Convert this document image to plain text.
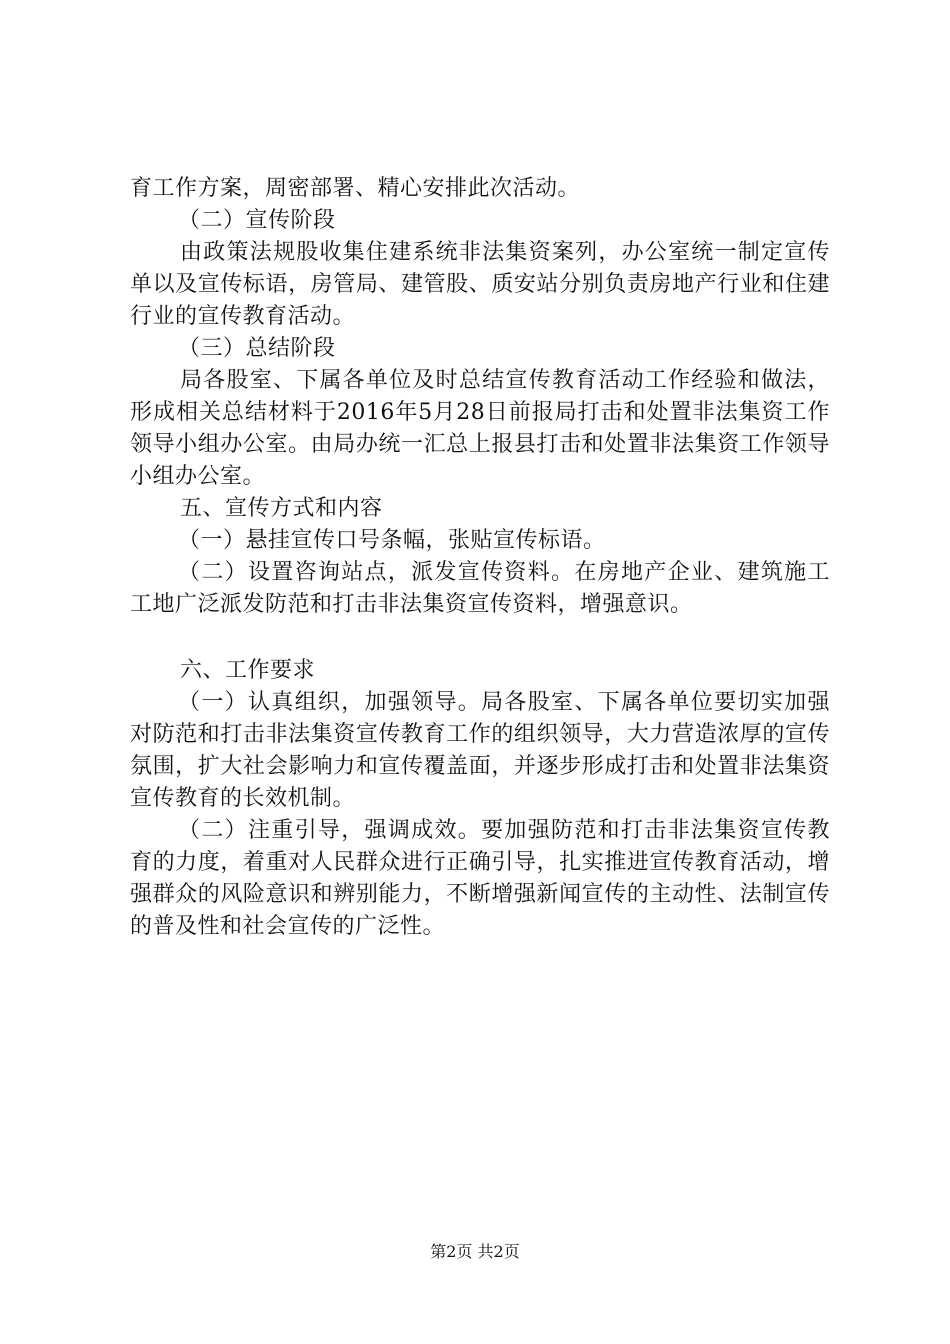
育工作方案，周密部署、精心安排此次活动。

（二）宣传阶段

由政策法规股收集住建系统非法集资案列，办公室统一制定宣传单以及宣传标语，房管局、建管股、质安站分别负责房地产行业和住建行业的宣传教育活动。

（三）总结阶段

局各股室、下属各单位及时总结宣传教育活动工作经验和做法，形成相关总结材料于2016年5月28日前报局打击和处置非法集资工作领导小组办公室。由局办统一汇总上报县打击和处置非法集资工作领导小组办公室。

五、宣传方式和内容

（一）悬挂宣传口号条幅，张贴宣传标语。

（二）设置咨询站点，派发宣传资料。在房地产企业、建筑施工工地广泛派发防范和打击非法集资宣传资料，增强意识。

六、工作要求

（一）认真组织，加强领导。局各股室、下属各单位要切实加强对防范和打击非法集资宣传教育工作的组织领导，大力营造浓厚的宣传氛围，扩大社会影响力和宣传覆盖面，并逐步形成打击和处置非法集资宣传教育的长效机制。

（二）注重引导，强调成效。要加强防范和打击非法集资宣传教育的力度，着重对人民群众进行正确引导，扎实推进宣传教育活动，增强群众的风险意识和辨别能力，不断增强新闻宣传的主动性、法制宣传的普及性和社会宣传的广泛性。

第2页 共2页
